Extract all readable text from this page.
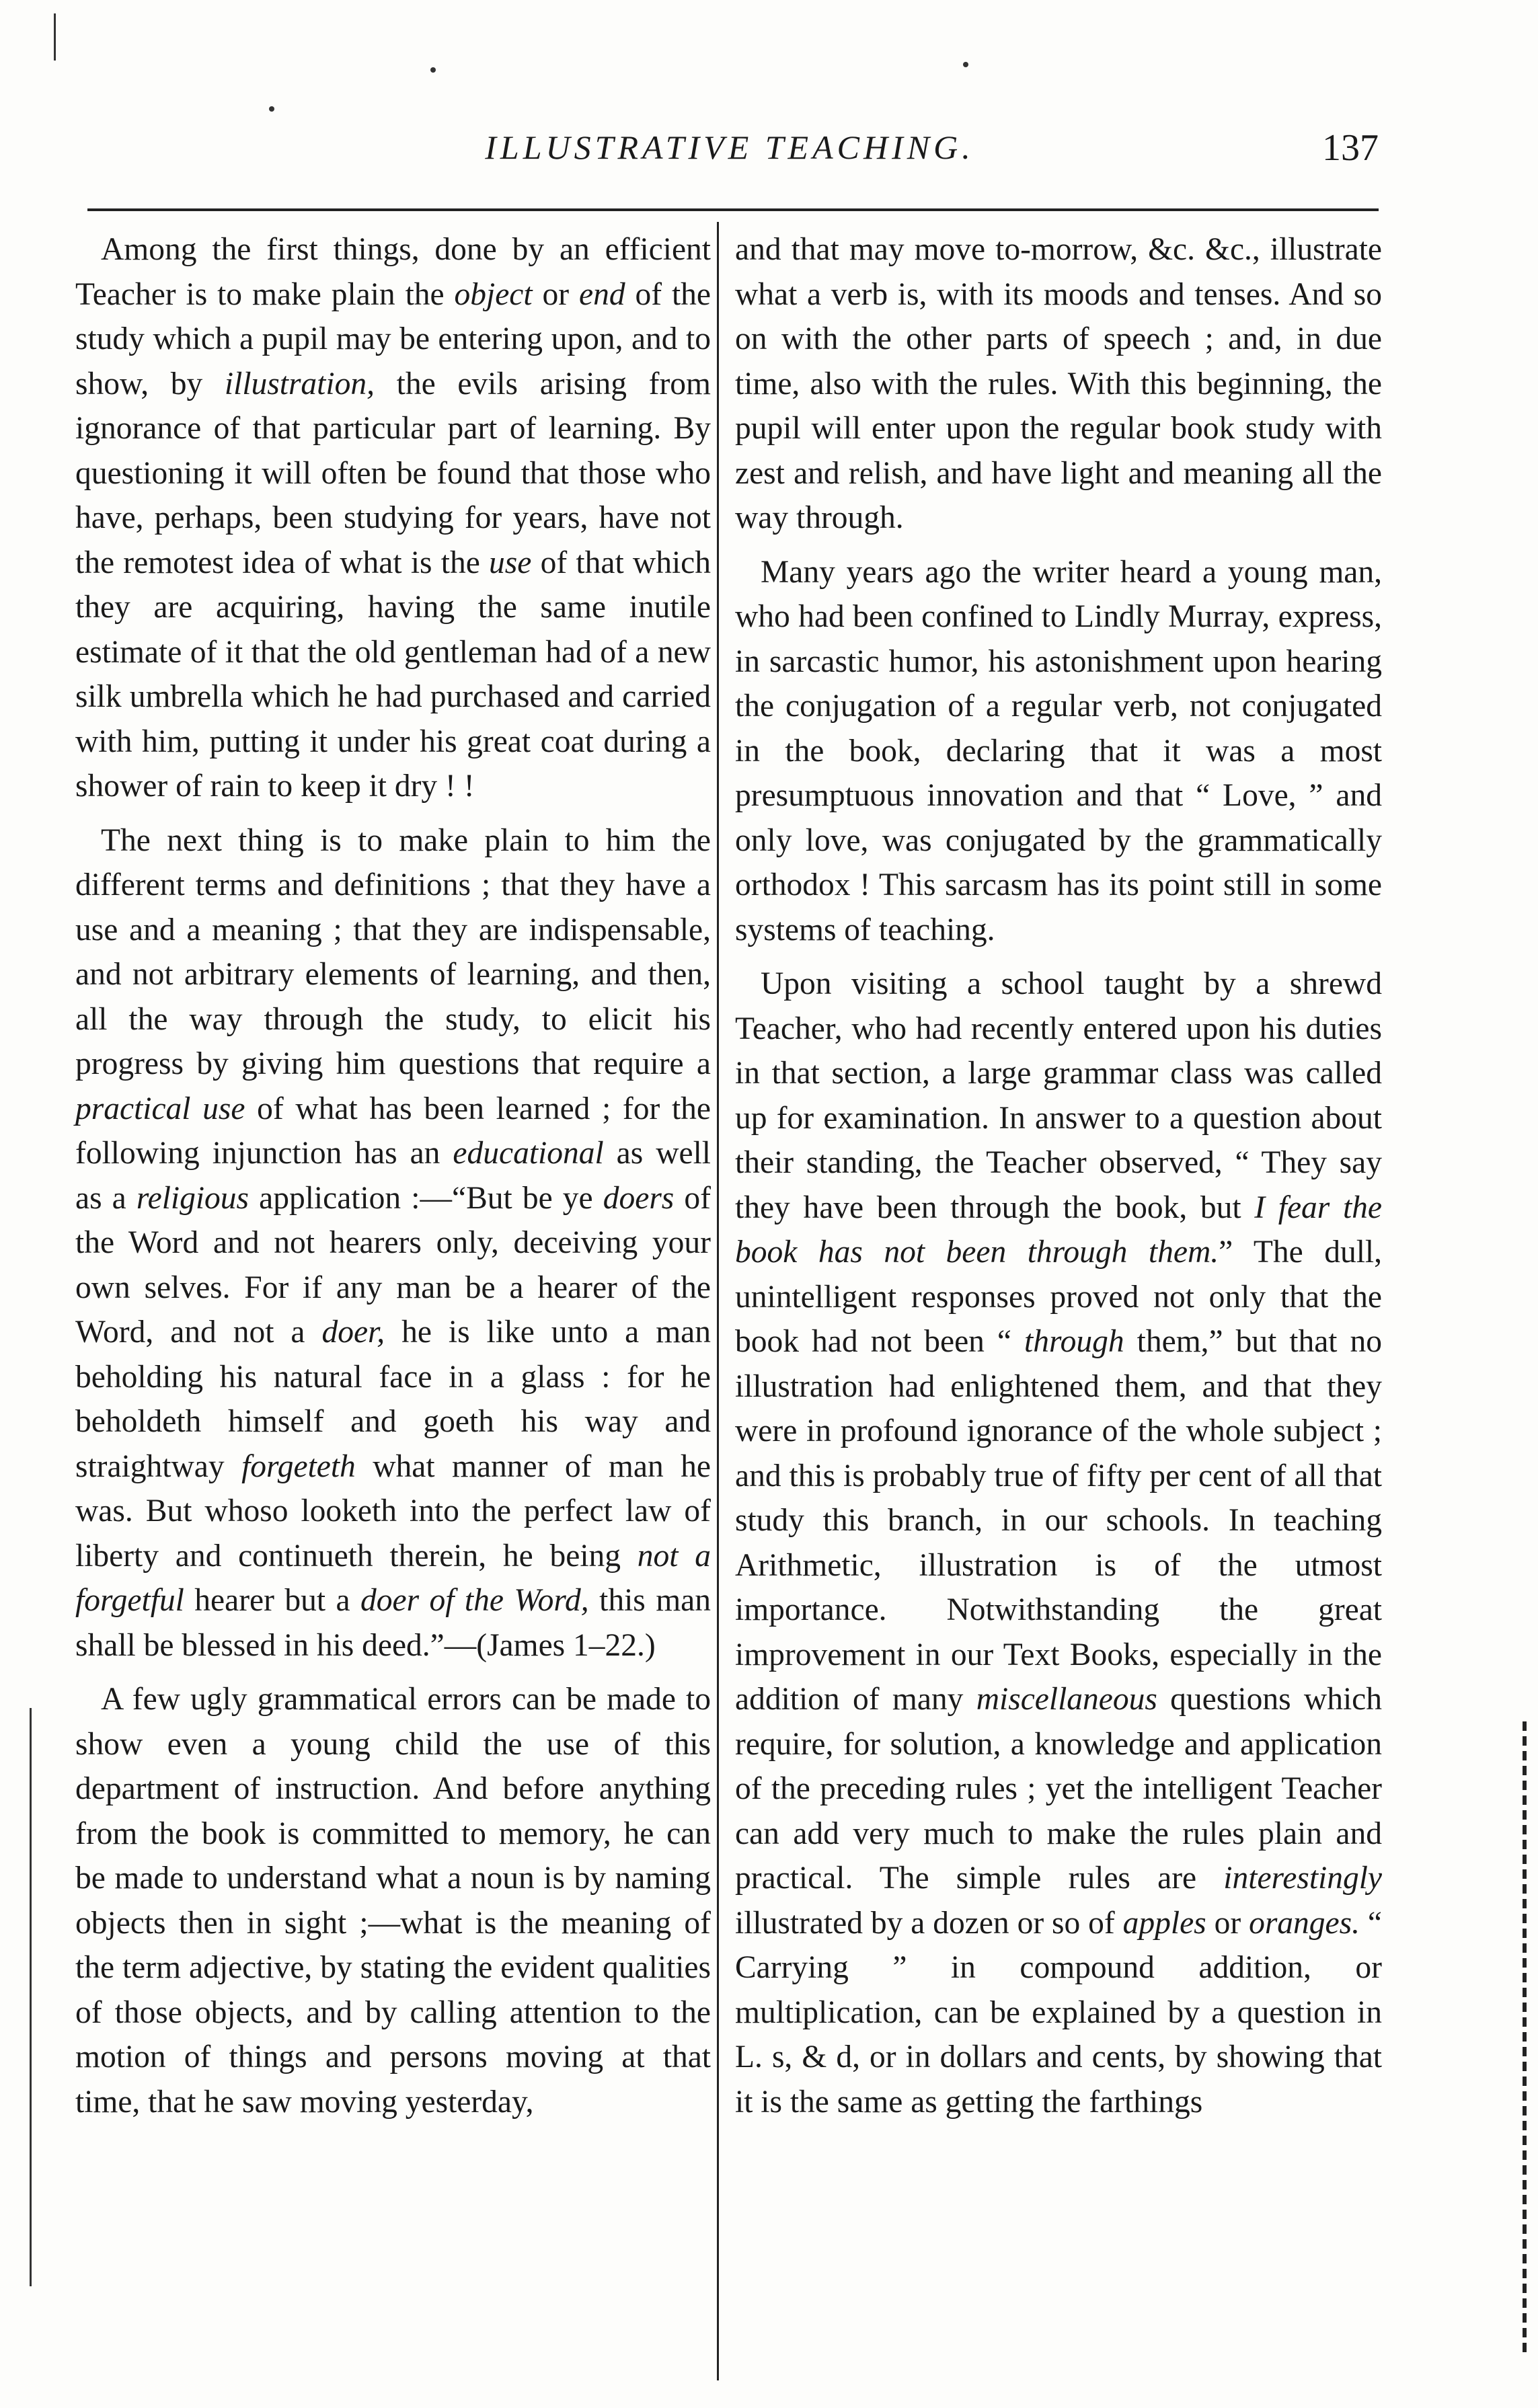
ILLUSTRATIVE TEACHING.	137

Among the first things, done by an efficient Teacher is to make plain the object or end of the study which a pupil may be entering upon, and to show, by illustration, the evils arising from ignorance of that particular part of learning. By questioning it will often be found that those who have, perhaps, been studying for years, have not the remotest idea of what is the use of that which they are acquiring, having the same inutile estimate of it that the old gentleman had of a new silk umbrella which he had purchased and carried with him, putting it under his great coat during a shower of rain to keep it dry ! !

The next thing is to make plain to him the different terms and definitions ; that they have a use and a meaning ; that they are indispensable, and not arbitrary elements of learning, and then, all the way through the study, to elicit his progress by giving him questions that require a practical use of what has been learned ; for the following injunction has an educational as well as a religious application :—“But be ye doers of the Word and not hearers only, deceiving your own selves. For if any man be a hearer of the Word, and not a doer, he is like unto a man beholding his natural face in a glass : for he beholdeth himself and goeth his way and straightway forgeteth what manner of man he was. But whoso looketh into the perfect law of liberty and continueth therein, he being not a forgetful hearer but a doer of the Word, this man shall be blessed in his deed.”—(James 1–22.)

A few ugly grammatical errors can be made to show even a young child the use of this department of instruction. And before anything from the book is committed to memory, he can be made to understand what a noun is by naming objects then in sight ;—what is the meaning of the term adjective, by stating the evident qualities of those objects, and by calling attention to the motion of things and persons moving at that time, that he saw moving yesterday,

and that may move to-morrow, &c. &c., illustrate what a verb is, with its moods and tenses. And so on with the other parts of speech ; and, in due time, also with the rules. With this beginning, the pupil will enter upon the regular book study with zest and relish, and have light and meaning all the way through.

Many years ago the writer heard a young man, who had been confined to Lindly Murray, express, in sarcastic humor, his astonishment upon hearing the conjugation of a regular verb, not conjugated in the book, declaring that it was a most presumptuous innovation and that “ Love, ” and only love, was conjugated by the grammatically orthodox ! This sarcasm has its point still in some systems of teaching.

Upon visiting a school taught by a shrewd Teacher, who had recently entered upon his duties in that section, a large grammar class was called up for examination. In answer to a question about their standing, the Teacher observed, “ They say they have been through the book, but I fear the book has not been through them.” The dull, unintelligent responses proved not only that the book had not been “ through them,” but that no illustration had enlightened them, and that they were in profound ignorance of the whole subject ; and this is probably true of fifty per cent of all that study this branch, in our schools. In teaching Arithmetic, illustration is of the utmost importance. Notwithstanding the great improvement in our Text Books, especially in the addition of many miscellaneous questions which require, for solution, a knowledge and application of the preceding rules ; yet the intelligent Teacher can add very much to make the rules plain and practical. The simple rules are interestingly illustrated by a dozen or so of apples or oranges. “ Carrying ” in compound addition, or multiplication, can be explained by a question in L. s, & d, or in dollars and cents, by showing that it is the same as getting the farthings
